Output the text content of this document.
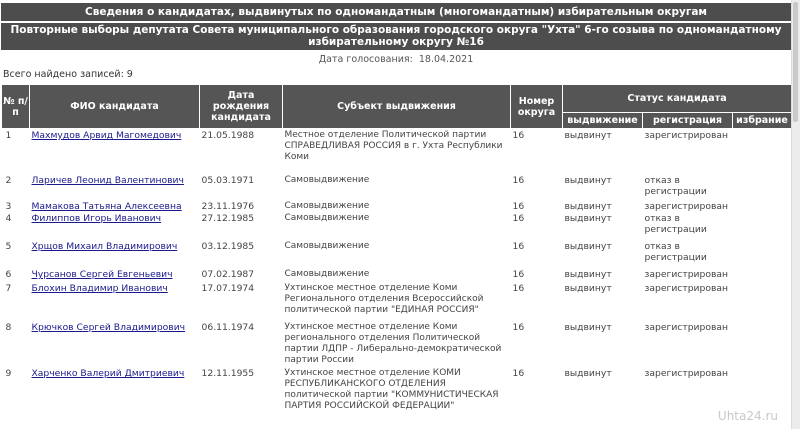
Сведения о кандидатах, выдвинутых по одномандатным (многомандатным) избирательным округам
Повторные выборы депутата Совета муниципального образования городского округа "Ухта" 6-го созыва по одномандатному
избирательному округу №16
Дата голосования: 18.04.2021
Всего найдено записей: 9
№ п/п	ФИО кандидата	Дата рождения кандидата	Субъект выдвижения	Номер округа	Статус кандидата		
					выдвижение	регистрация	избрание
1	Махмудов Арвид Магомедович	21.05.1988	Местное отделение Политической партии СПРАВЕДЛИВАЯ РОССИЯ в г. Ухта Республики Коми	16	выдвинут	зарегистрирован	
2	Ларичев Леонид Валентинович	05.03.1971	Самовыдвижение	16	выдвинут	отказ в регистрации	
3	Мамакова Татьяна Алексеевна	23.11.1976	Самовыдвижение	16	выдвинут	зарегистрирован	
4	Филиппов Игорь Иванович	27.12.1985	Самовыдвижение	16	выдвинут	отказ в регистрации	
5	Хрщов Михаил Владимирович	03.12.1985	Самовыдвижение	16	выдвинут	отказ в регистрации	
6	Чурсанов Сергей Евгеньевич	07.02.1987	Самовыдвижение	16	выдвинут	зарегистрирован	
7	Блохин Владимир Иванович	17.07.1974	Ухтинское местное отделение Коми Регионального отделения Всероссийской политической партии "ЕДИНАЯ РОССИЯ"	16	выдвинут	зарегистрирован	
8	Крючков Сергей Владимирович	06.11.1974	Ухтинское местное отделение Коми регионального отделения Политической партии ЛДПР - Либерально-демократической партии России	16	выдвинут	зарегистрирован	
9	Харченко Валерий Дмитриевич	12.11.1955	Ухтинское местное отделение КОМИ РЕСПУБЛИКАНСКОГО ОТДЕЛЕНИЯ политической партии "КОММУНИСТИЧЕСКАЯ ПАРТИЯ РОССИЙСКОЙ ФЕДЕРАЦИИ"	16	выдвинут	зарегистрирован	
Uhta24.ru
